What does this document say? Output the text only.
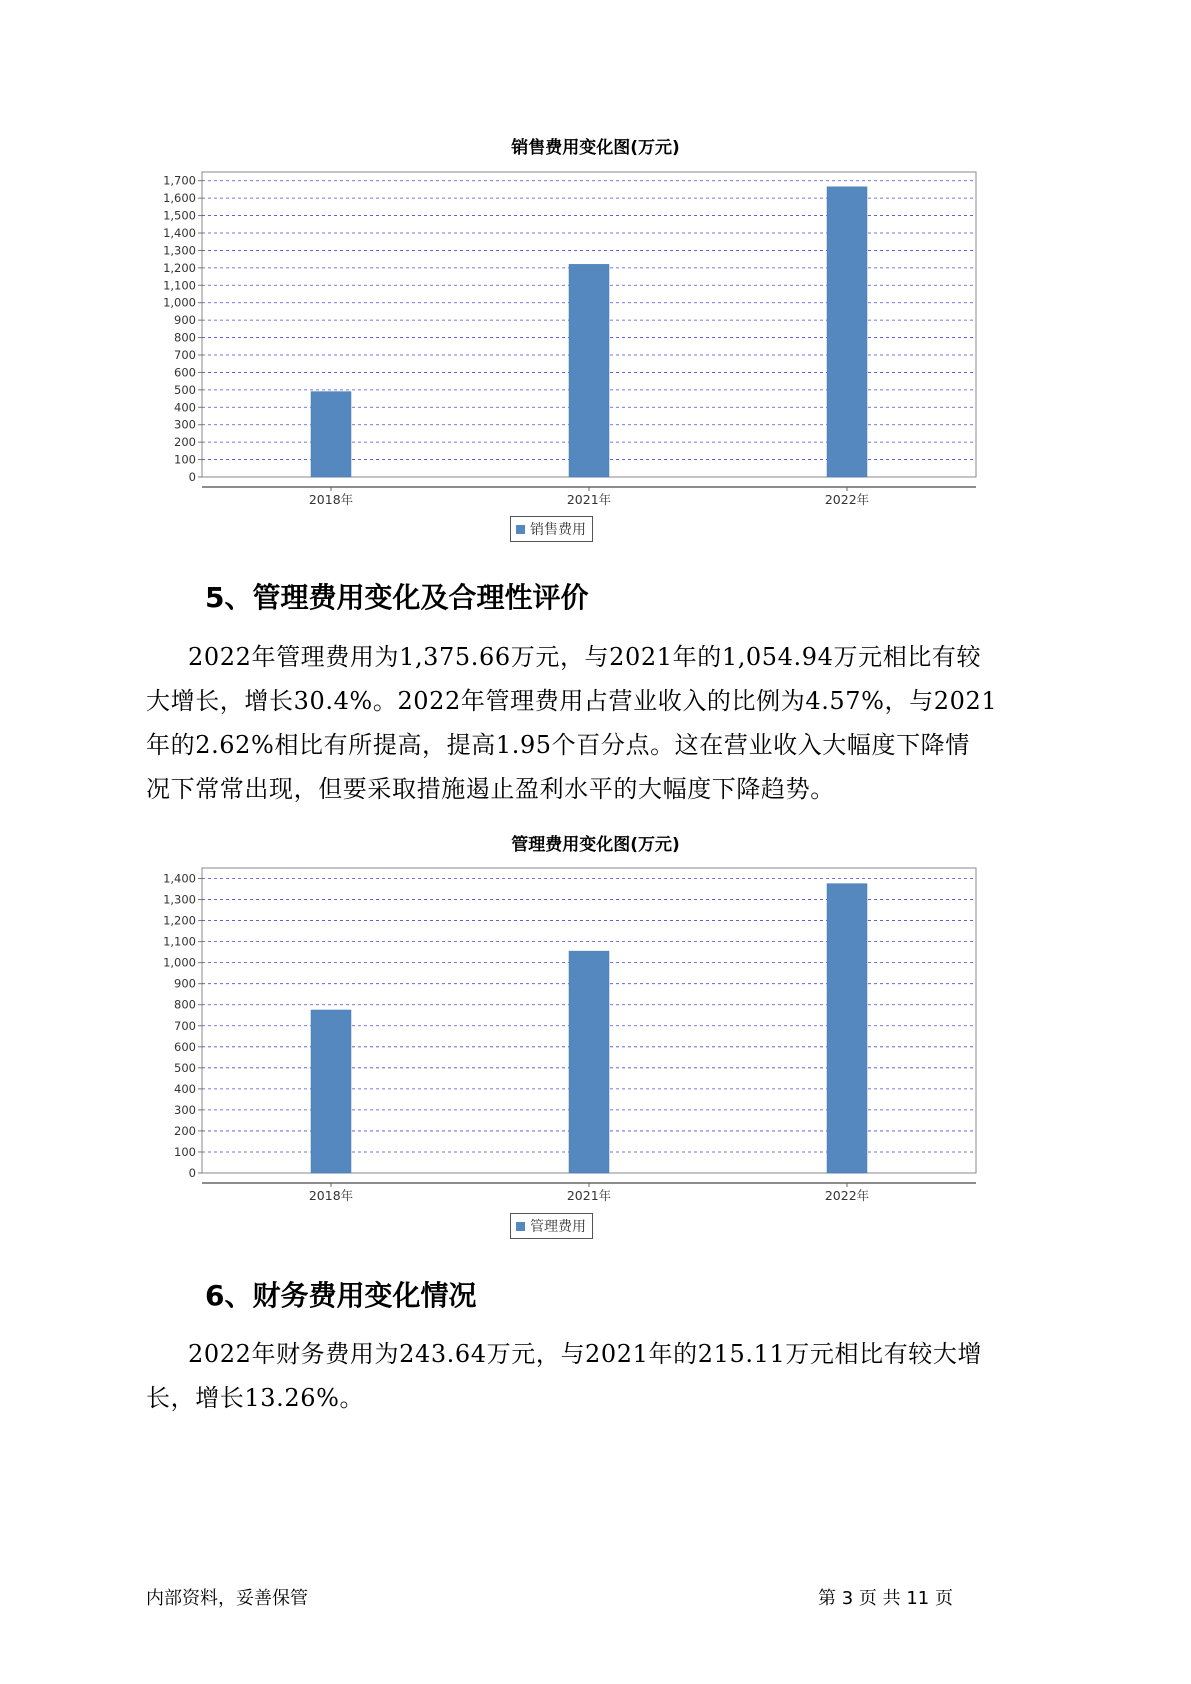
销售费用变化图(万元)
0
100
200
300
400
500
600
700
800
900
1,000
1,100
1,200
1,300
1,400
1,500
1,600
1,700
2018年	2021年	2022年
销售费用
5、管理费用变化及合理性评价
2022年管理费用为1,375.66万元，与2021年的1,054.94万元相比有较
大增长，增长30.4%。2022年管理费用占营业收入的比例为4.57%，与2021
年的2.62%相比有所提高，提高1.95个百分点。这在营业收入大幅度下降情
况下常常出现，但要采取措施遏止盈利水平的大幅度下降趋势。
管理费用变化图(万元)
0
100
200
300
400
500
600
700
800
900
1,000
1,100
1,200
1,300
1,400
2018年	2021年	2022年
管理费用
6、财务费用变化情况
2022年财务费用为243.64万元，与2021年的215.11万元相比有较大增
长，增长13.26%。
内部资料，妥善保管	第 3 页 共 11 页
